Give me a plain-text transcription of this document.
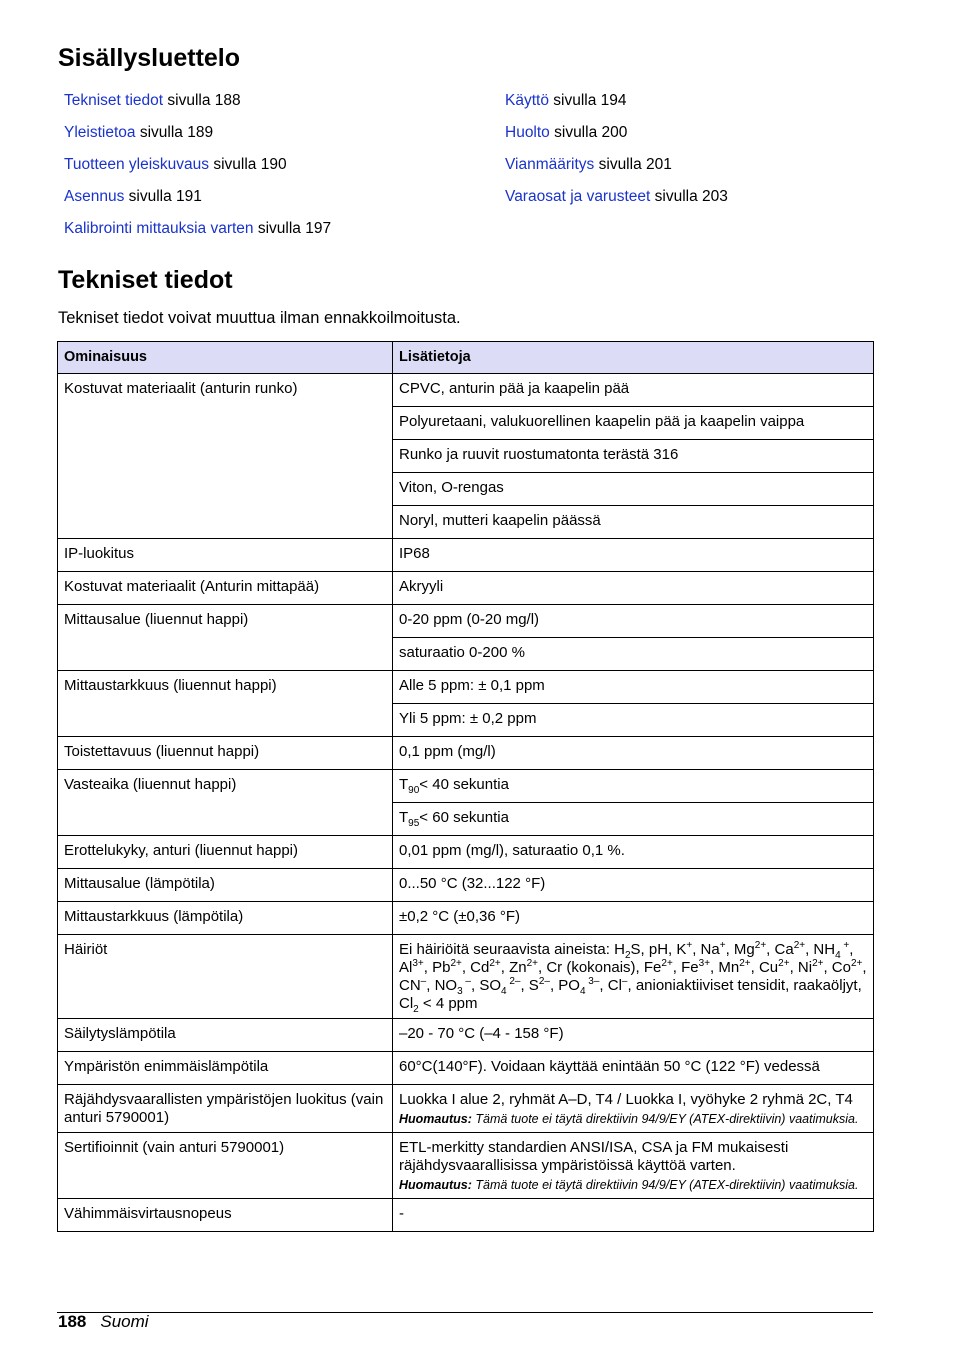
Sisällysluettelo
Tekniset tiedot sivulla 188
Yleistietoa sivulla 189
Tuotteen yleiskuvaus sivulla 190
Asennus sivulla 191
Kalibrointi mittauksia varten sivulla 197
Käyttö sivulla 194
Huolto sivulla 200
Vianmääritys sivulla 201
Varaosat ja varusteet sivulla 203
Tekniset tiedot
Tekniset tiedot voivat muuttua ilman ennakkoilmoitusta.
Ominaisuus	Lisätietoja
Kostuvat materiaalit (anturin runko)	CPVC, anturin pää ja kaapelin pää
	Polyuretaani, valukuorellinen kaapelin pää ja kaapelin vaippa
	Runko ja ruuvit ruostumatonta terästä 316
	Viton, O-rengas
	Noryl, mutteri kaapelin päässä
IP-luokitus	IP68
Kostuvat materiaalit (Anturin mittapää)	Akryyli
Mittausalue (liuennut happi)	0-20 ppm (0-20 mg/l)
	saturaatio 0-200 %
Mittaustarkkuus (liuennut happi)	Alle 5 ppm: ± 0,1 ppm
	Yli 5 ppm: ± 0,2 ppm
Toistettavuus (liuennut happi)	0,1 ppm (mg/l)
Vasteaika (liuennut happi)	$T_{90}< 40$ sekuntia
	$T_{95}< 60$ sekuntia
Erottelukyky, anturi (liuennut happi)	0,01 ppm (mg/l), saturaatio 0,1 %.
Mittausalue (lämpötila)	0...50 °C (32...122 °F)
Mittaustarkkuus (lämpötila)	±0,2 °C (±0,36 °F)
Häiriöt	Ei häiriöitä seuraavista aineista: $H_2S$, pH, K+, Na+, $Mg^{2+}$, $Ca^{2+}$, $NH_4$ +, $Al^{3+}$, $Pb^{2+}$, $Cd^{2+}$, $Zn^{2+}$, Cr (kokonais), $Fe^{2+}$, $Fe^{3+}$, $Mn^{2+}$, $Cu^{2+}$, $Ni^{2+}$, $Co^{2+}$, CN–, $NO_3$ –, $SO_4$ $^{2-}$, $S^{2-}$, $PO_4$ $^{3-}$, Cl–, anioniaktiiviset tensidit, raakaöljyt, $Cl_2 < 4$ ppm
Säilytyslämpötila	–20 - 70 °C (–4 - 158 °F)
Ympäristön enimmäislämpötila	60°C(140°F). Voidaan käyttää enintään 50 °C (122 °F) vedessä
Räjähdysvaarallisten ympäristöjen luokitus (vain anturi 5790001)	Luokka I alue 2, ryhmät A–D, T4 / Luokka I, vyöhyke 2 ryhmä 2C, T4
Huomautus: Tämä tuote ei täytä direktiivin 94/9/EY (ATEX-direktiivin) vaatimuksia.

Sertifioinnit (vain anturi 5790001)	ETL-merkitty standardien ANSI/ISA, CSA ja FM mukaisesti räjähdysvaarallisissa ympäristöissä käyttöä varten.
Huomautus: Tämä tuote ei täytä direktiivin 94/9/EY (ATEX-direktiivin) vaatimuksia.

Vähimmäisvirtausnopeus	-
188 Suomi
